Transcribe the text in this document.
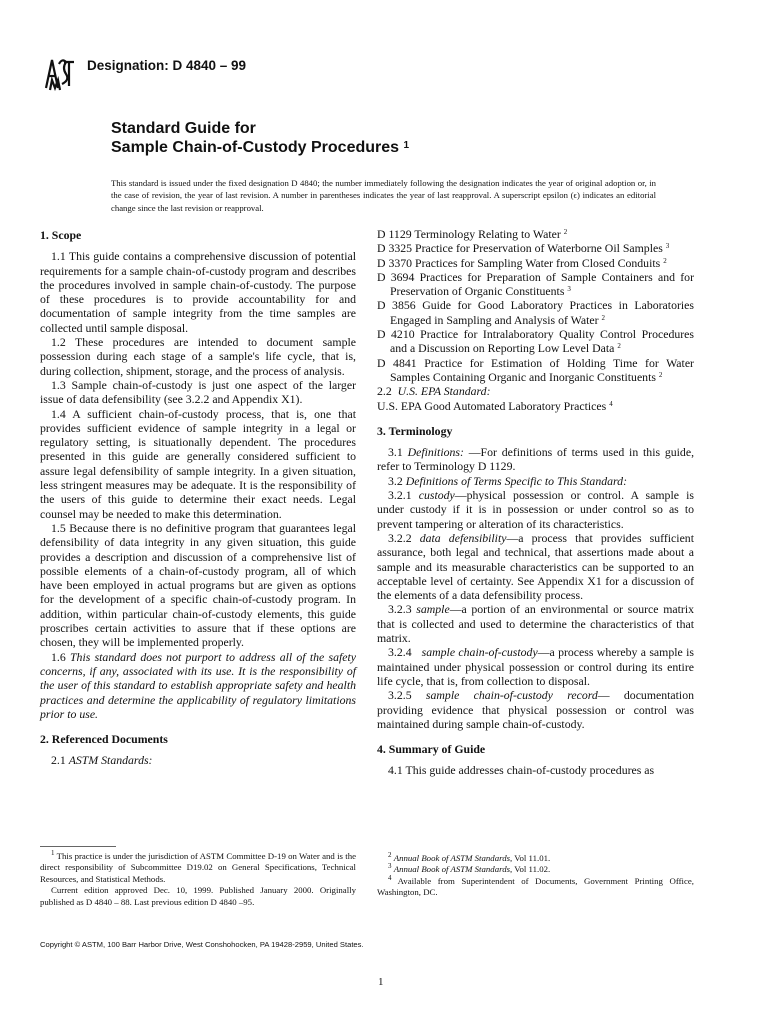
Designation: D 4840 – 99
Standard Guide for
Sample Chain-of-Custody Procedures $^1$
This standard is issued under the fixed designation D 4840; the number immediately following the designation indicates the year of original adoption or, in the case of revision, the year of last revision. A number in parentheses indicates the year of last reapproval. A superscript epsilon (ϵ) indicates an editorial change since the last revision or reapproval.

1. Scope

1.1 This guide contains a comprehensive discussion of potential requirements for a sample chain-of-custody program and describes the procedures involved in sample chain-of-custody. The purpose of these procedures is to provide accountability for and documentation of sample integrity from the time samples are collected until sample disposal.

1.2 These procedures are intended to document sample possession during each stage of a sample's life cycle, that is, during collection, shipment, storage, and the process of analysis.

1.3 Sample chain-of-custody is just one aspect of the larger issue of data defensibility (see 3.2.2 and Appendix X1).

1.4 A sufficient chain-of-custody process, that is, one that provides sufficient evidence of sample integrity in a legal or regulatory setting, is situationally dependent. The procedures presented in this guide are generally considered sufficient to assure legal defensibility of sample integrity. In a given situation, less stringent measures may be adequate. It is the responsibility of the users of this guide to determine their exact needs. Legal counsel may be needed to make this determination.

1.5 Because there is no definitive program that guarantees legal defensibility of data integrity in any given situation, this guide provides a description and discussion of a comprehensive list of possible elements of a chain-of-custody program, all of which have been employed in actual programs but are given as options for the development of a specific chain-of-custody program. In addition, within particular chain-of-custody elements, this guide proscribes certain activities to assure that if these options are chosen, they will be implemented properly.

1.6 This standard does not purport to address all of the safety concerns, if any, associated with its use. It is the responsibility of the user of this standard to establish appropriate safety and health practices and determine the applicability of regulatory limitations prior to use.

2. Referenced Documents

2.1 ASTM Standards:

D 1129 Terminology Relating to Water $^2$

D 3325 Practice for Preservation of Waterborne Oil Samples $^3$

D 3370 Practices for Sampling Water from Closed Conduits $^2$

D 3694 Practices for Preparation of Sample Containers and for Preservation of Organic Constituents $^3$

D 3856 Guide for Good Laboratory Practices in Laboratories Engaged in Sampling and Analysis of Water $^2$

D 4210 Practice for Intralaboratory Quality Control Procedures and a Discussion on Reporting Low Level Data $^2$

D 4841 Practice for Estimation of Holding Time for Water Samples Containing Organic and Inorganic Constituents $^2$

2.2 U.S. EPA Standard:

U.S. EPA Good Automated Laboratory Practices $^4$

3. Terminology

3.1 Definitions: —For definitions of terms used in this guide, refer to Terminology D 1129.

3.2 Definitions of Terms Specific to This Standard:

3.2.1 custody—physical possession or control. A sample is under custody if it is in possession or under control so as to prevent tampering or alteration of its characteristics.

3.2.2 data defensibility—a process that provides sufficient assurance, both legal and technical, that assertions made about a sample and its measurable characteristics can be supported to an acceptable level of certainty. See Appendix X1 for a discussion of the elements of a data defensibility process.

3.2.3 sample—a portion of an environmental or source matrix that is collected and used to determine the characteristics of that matrix.

3.2.4 sample chain-of-custody—a process whereby a sample is maintained under physical possession or control during its entire life cycle, that is, from collection to disposal.

3.2.5 sample chain-of-custody record— documentation providing evidence that physical possession or control was maintained during sample chain-of-custody.

4. Summary of Guide

4.1 This guide addresses chain-of-custody procedures as

$^1$ This practice is under the jurisdiction of ASTM Committee D-19 on Water and is the direct responsibility of Subcommittee D19.02 on General Specifications, Technical Resources, and Statistical Methods.

Current edition approved Dec. 10, 1999. Published January 2000. Originally published as D 4840 – 88. Last previous edition D 4840 –95.

$^2$ Annual Book of ASTM Standards, Vol 11.01.

$^3$ Annual Book of ASTM Standards, Vol 11.02.

$^4$ Available from Superintendent of Documents, Government Printing Office, Washington, DC.

Copyright © ASTM, 100 Barr Harbor Drive, West Conshohocken, PA 19428-2959, United States.
1
